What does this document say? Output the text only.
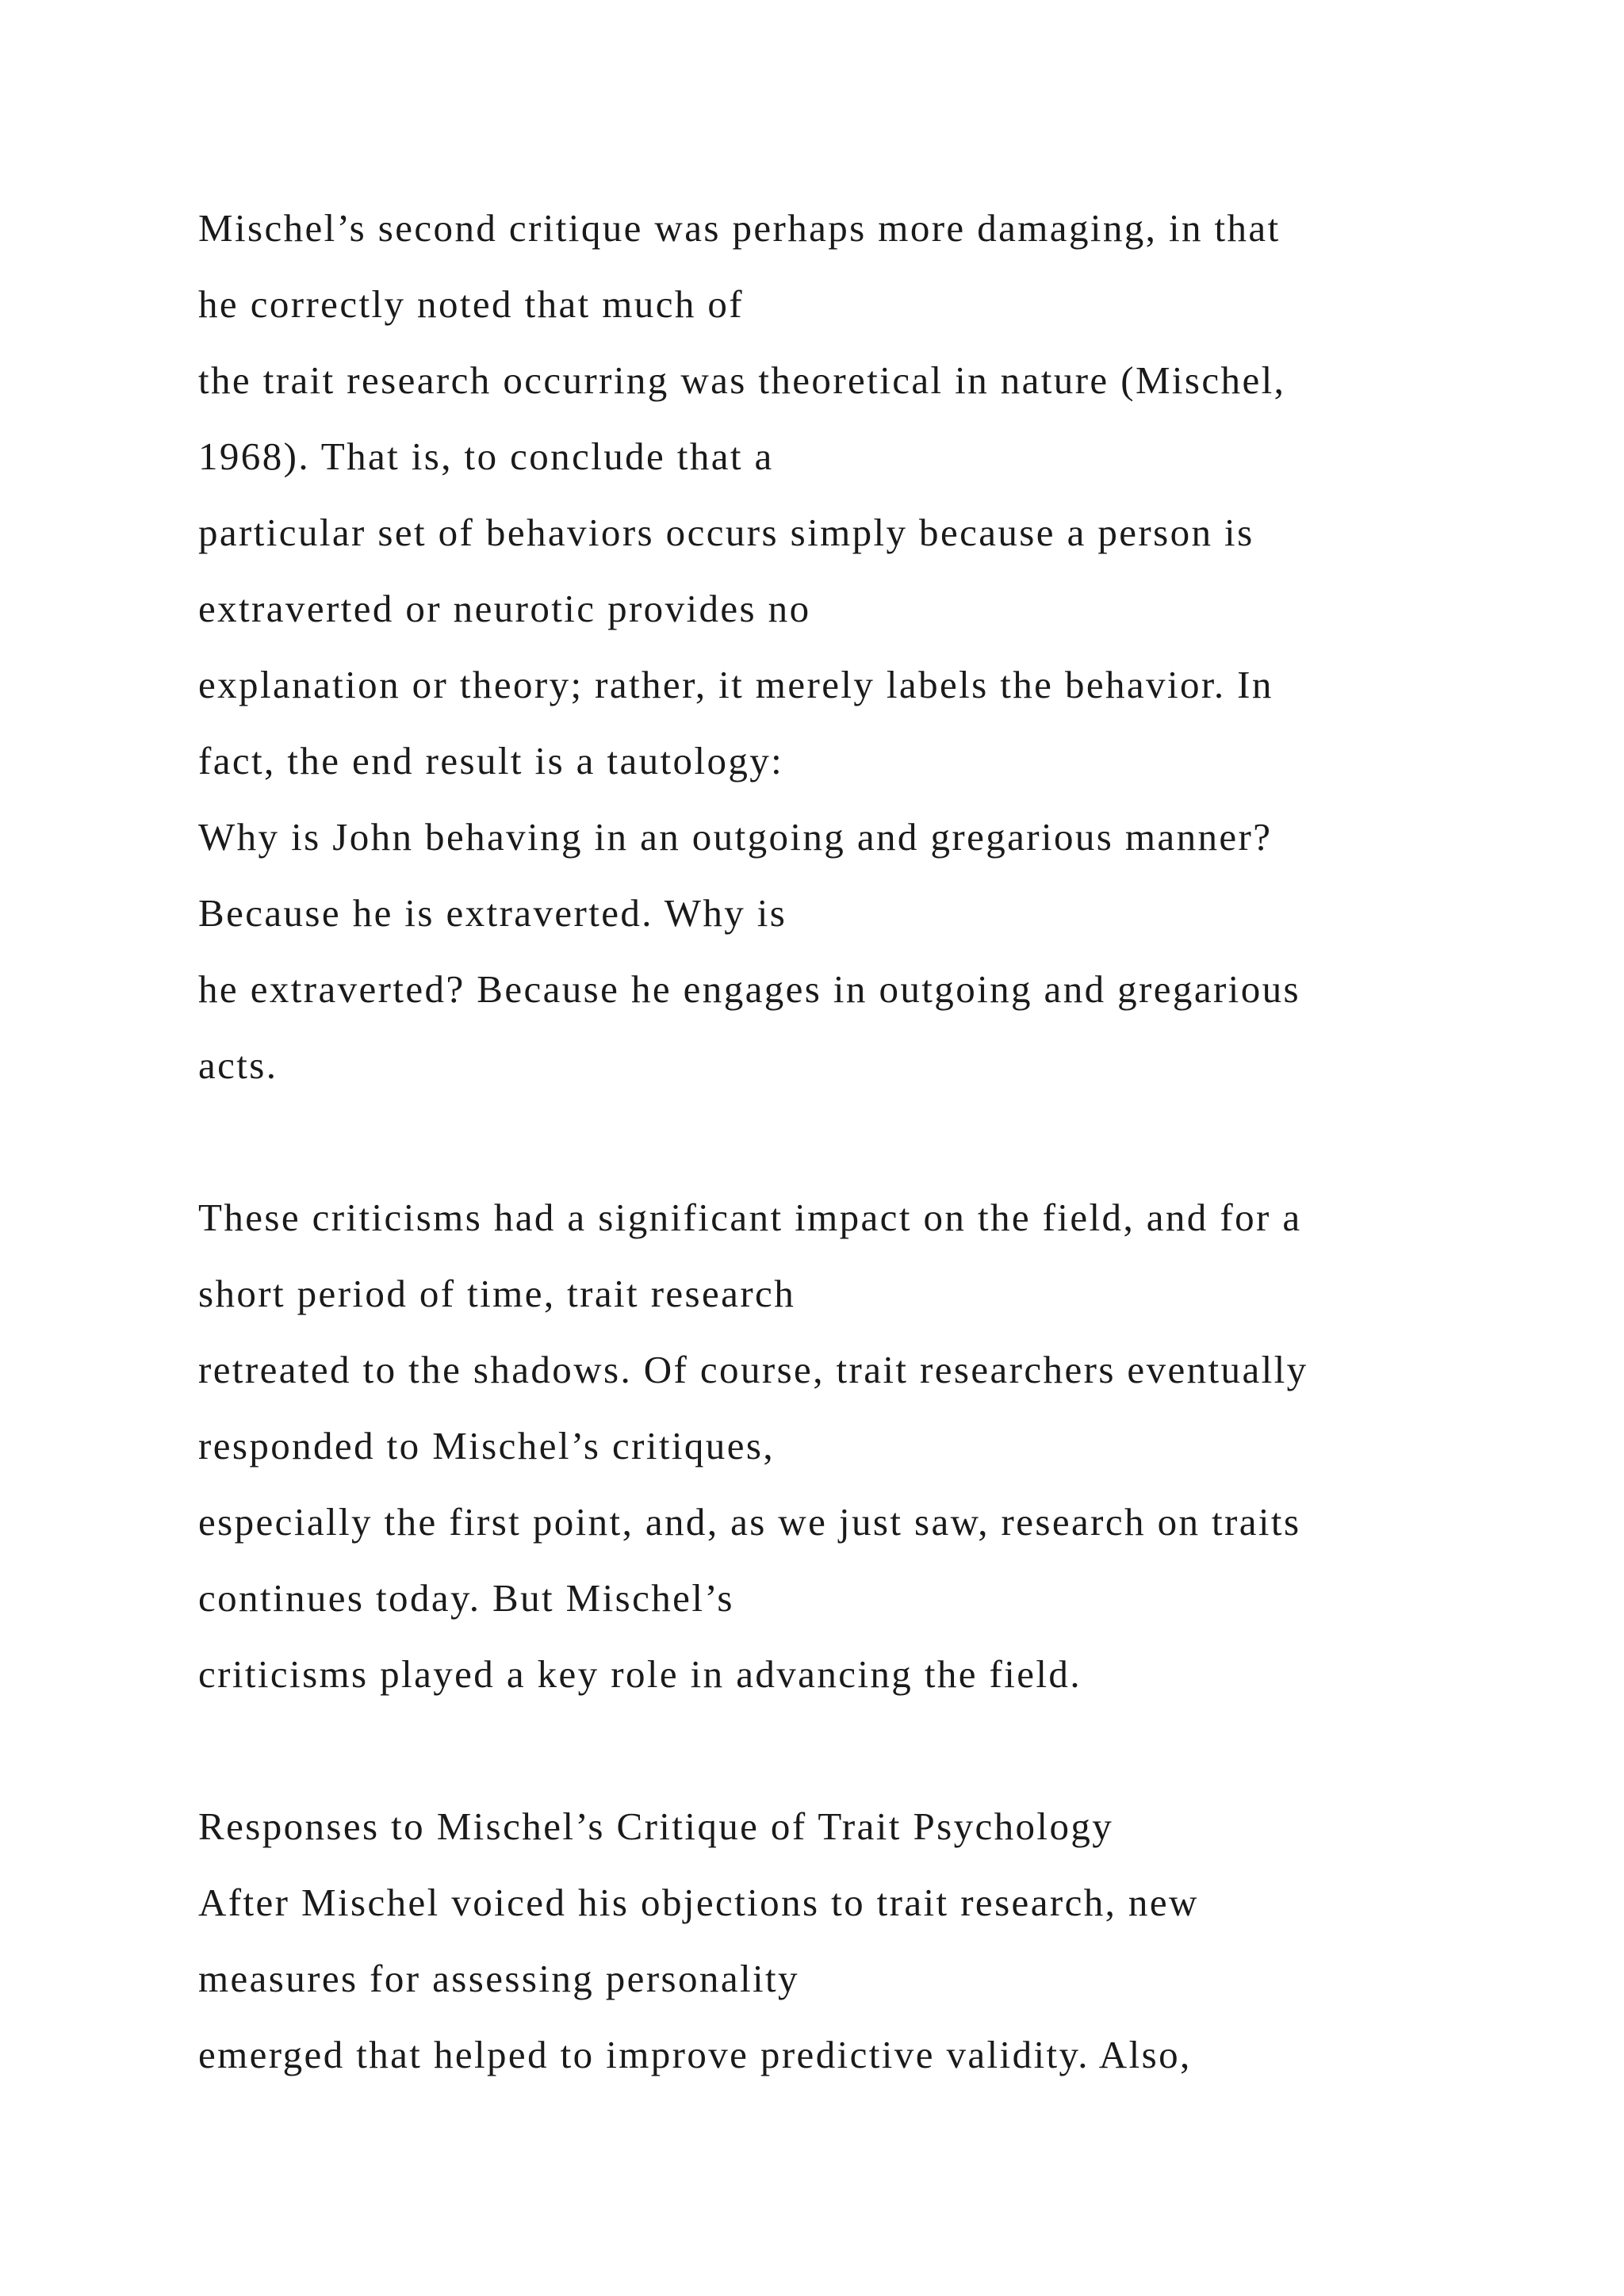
Mischel’s second critique was perhaps more damaging, in that
he correctly noted that much of
the trait research occurring was theoretical in nature (Mischel,
1968). That is, to conclude that a
particular set of behaviors occurs simply because a person is
extraverted or neurotic provides no
explanation or theory; rather, it merely labels the behavior. In
fact, the end result is a tautology:
Why is John behaving in an outgoing and gregarious manner?
Because he is extraverted. Why is
he extraverted? Because he engages in outgoing and gregarious
acts.
These criticisms had a significant impact on the field, and for a
short period of time, trait research
retreated to the shadows. Of course, trait researchers eventually
responded to Mischel’s critiques,
especially the first point, and, as we just saw, research on traits
continues today. But Mischel’s
criticisms played a key role in advancing the field.
Responses to Mischel’s Critique of Trait Psychology
After Mischel voiced his objections to trait research, new
measures for assessing personality
emerged that helped to improve predictive validity. Also,
